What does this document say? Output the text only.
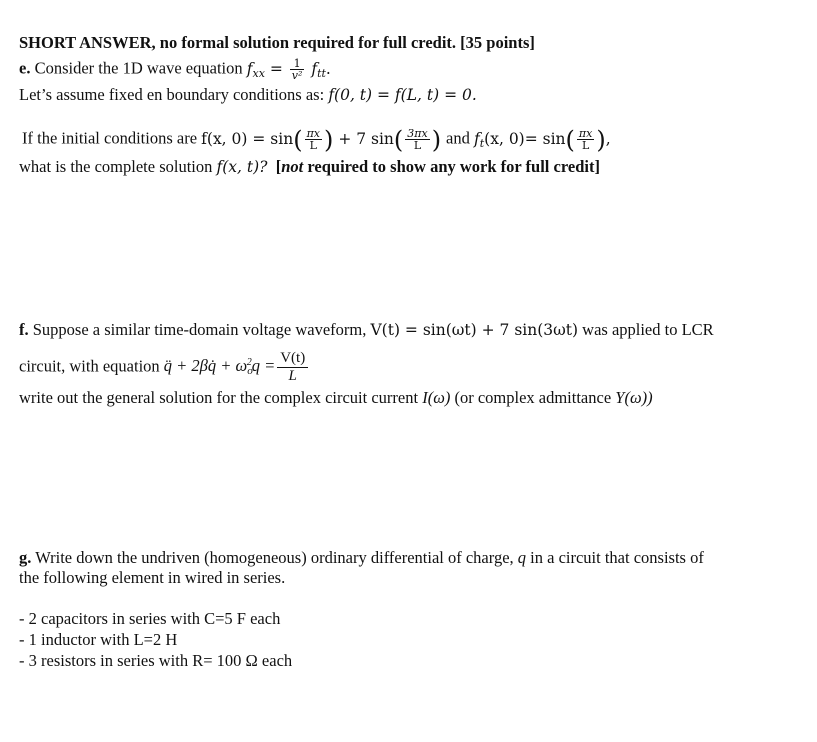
SHORT ANSWER, no formal solution required for full credit. [35 points]
e. Consider the 1D wave equation $f_{xx} = \frac{1}{\text{v²}} f_{tt}$.
Let’s assume fixed en boundary conditions as: f(0, t) = f(L, t) = 0.
If the initial conditions are f(x, $0) = \sin( \frac{\pi x}{L}$ ) + 7 $\sin( \frac{3\pi x}{L}$ ) and $f_t(x$, $0)= \sin( \frac{\pi x}{L}$ ),
what is the complete solution f(x, t)? [not required to show any work for full credit]
f. Suppose a similar time-domain voltage waveform, V(t) = sin(ωt) + 7 sin(3ωt) was applied to LCR
circuit, with equation q̈ + 2βq̇ + $\omega_o^2q = \frac{V(t)}{L}$
write out the general solution for the complex circuit current I(ω) (or complex admittance Y(ω))
g. Write down the undriven (homogeneous) ordinary differential of charge, q in a circuit that consists of
the following element in wired in series.
- 2 capacitors in series with C=5 F each
- 1 inductor with L=2 H
- 3 resistors in series with R= 100 Ω each
